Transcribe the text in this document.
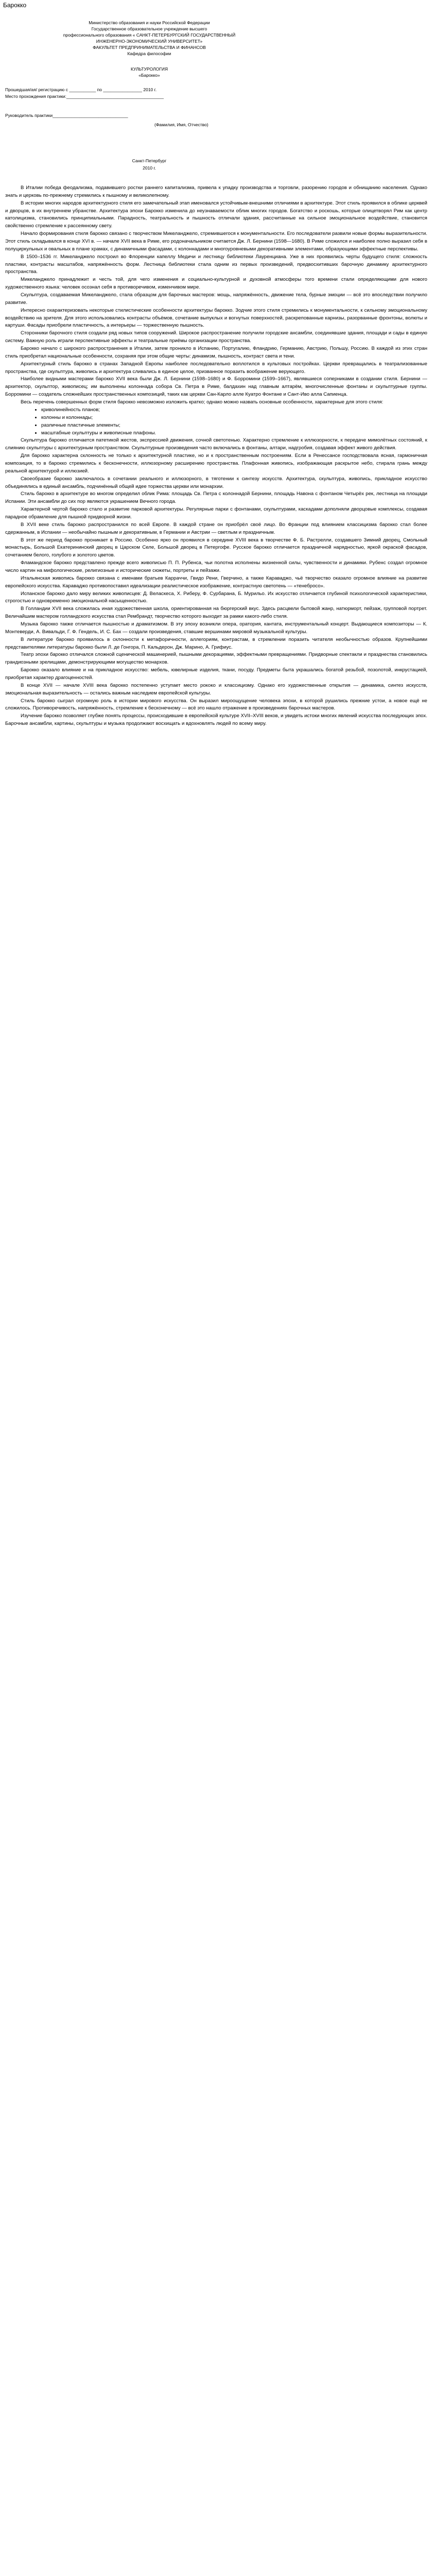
Барокко
Министерство образования и науки Российской Федерации
Государственное образовательное учреждение высшего
профессионального образования « САНКТ-ПЕТЕРБУРГСКИЙ ГОСУДАРСТВЕННЫЙ
ИНЖЕНЕРНО-ЭКОНОМИЧЕСКИЙ УНИВЕРСИТЕТ»
ФАКУЛЬТЕТ ПРЕДПРИНИМАТЕЛЬСТВА И ФИНАНСОВ
Кафедра философии
КУЛЬТУРОЛОГИЯ
«Барокко»
Прошедшая/ая/ регистрацию с ___________ по ________________ 2010 г.
Место прохождения практики:________________________________________
Руководитель практики_______________________________
(Фамилия, Имя, Отчество)
Санкт-Петербург
2010 г.

В Италии победа феодализма, подавившего ростки раннего капитализма, привела к упадку производства и торговли, разорению городов и обнищанию населения. Однако знать и церковь по-прежнему стремились к пышному и великолепному.

В истории многих народов архитектурного стиля его замечательный этап именовался устойчивым-внешними отличиями в архитектуре. Этот стиль проявился в облике церквей и дворцов, в их внутреннем убранстве. Архитектура эпохи Барокко изменила до неузнаваемости облик многих городов. Богатство и роскошь, которые олицетворял Рим как центр католицизма, становились принципиальными. Парадность, театральность и пышность отличали здания, рассчитанные на сильное эмоциональное воздействие, становится свойственно стремление к рассеянному свету.

Начало формирования стиля барокко связано с творчеством Микеланджело, стремившегося к монументальности. Его последователи развили новые формы выразительности. Этот стиль складывался в конце XVI в. — начале XVII века в Риме, его родоначальником считается Дж. Л. Бернини (1598—1680). В Риме сложился и наиболее полно выразил себя в полуциркульных и овальных в плане храмах, с динамичными фасадами, с колоннадами и многоуровневыми декоративными элементами, образующими эффектные перспективы.

В 1500–1536 гг. Микеланджело построил во Флоренции капеллу Медичи и лестницу библиотеки Лауренциана. Уже в них проявились черты будущего стиля: сложность пластики, контрасты масштабов, напряжённость форм. Лестница библиотеки стала одним из первых произведений, предвосхитивших барочную динамику архитектурного пространства.

Микеланджело принадлежит и честь той, для чего изменения и социально-культурной и духовной атмосферы того времени стали определяющими для нового художественного языка: человек осознал себя в противоречивом, изменчивом мире.

Скульптура, создаваемая Микеланджело, стала образцом для барочных мастеров: мощь, напряжённость, движение тела, бурные эмоции — всё это впоследствии получило развитие.

Интересно охарактеризовать некоторые стилистические особенности архитектуры барокко. Зодчие этого стиля стремились к монументальности, к сильному эмоциональному воздействию на зрителя. Для этого использовались контрасты объёмов, сочетание выпуклых и вогнутых поверхностей, раскрепованные карнизы, разорванные фронтоны, волюты и картуши. Фасады приобрели пластичность, а интерьеры — торжественную пышность.

Сторонники барочного стиля создали ряд новых типов сооружений. Широкое распространение получили городские ансамбли, соединявшие здания, площади и сады в единую систему. Важную роль играли перспективные эффекты и театральные приёмы организации пространства.

Барокко начало с широкого распространения в Италии, затем проникло в Испанию, Португалию, Фландрию, Германию, Австрию, Польшу, Россию. В каждой из этих стран стиль приобретал национальные особенности, сохраняя при этом общие черты: динамизм, пышность, контраст света и тени.

Архитектурный стиль барокко в странах Западной Европы наиболее последовательно воплотился в культовых постройках. Церкви превращались в театрализованные пространства, где скульптура, живопись и архитектура сливались в единое целое, призванное поразить воображение верующего.

Наиболее видными мастерами барокко XVII века были Дж. Л. Бернини (1598–1680) и Ф. Борромини (1599–1667), являвшиеся соперниками в создании стиля. Бернини — архитектор, скульптор, живописец; им выполнены колоннада собора Св. Петра в Риме, балдахин над главным алтарём, многочисленные фонтаны и скульптурные группы. Борромини — создатель сложнейших пространственных композиций, таких как церкви Сан-Карло алле Куатро Фонтане и Сант-Иво алла Сапиенца.

Весь перечень совершенных форм стиля барокко невозможно изложить кратко; однако можно назвать основные особенности, характерные для этого стиля:

• криволинейность планов;
• колонны и колоннады;
• различные пластичные элементы;
• масштабные скульптуры и живописные плафоны.

Скульптура барокко отличается патетикой жестов, экспрессией движения, сочной светотенью. Характерно стремление к иллюзорности, к передаче мимолётных состояний, к слиянию скульптуры с архитектурным пространством. Скульптурные произведения часто включались в фонтаны, алтари, надгробия, создавая эффект живого действия.

Для барокко характерна склонность не только к архитектурной пластике, но и к пространственным построениям. Если в Ренессансе господствовала ясная, гармоничная композиция, то в барокко стремились к бесконечности, иллюзорному расширению пространства. Плафонная живопись, изображающая раскрытое небо, стирала грань между реальной архитектурой и иллюзией.

Своеобразие барокко заключалось в сочетании реального и иллюзорного, в тяготении к синтезу искусств. Архитектура, скульптура, живопись, прикладное искусство объединялись в единый ансамбль, подчинённый общей идее торжества церкви или монархии.

Стиль барокко в архитектуре во многом определил облик Рима: площадь Св. Петра с колоннадой Бернини, площадь Навона с фонтаном Четырёх рек, лестница на площади Испании. Эти ансамбли до сих пор являются украшением Вечного города.

Характерной чертой барокко стало и развитие парковой архитектуры. Регулярные парки с фонтанами, скульптурами, каскадами дополняли дворцовые комплексы, создавая парадное обрамление для пышной придворной жизни.

В XVII веке стиль барокко распространился по всей Европе. В каждой стране он приобрёл своё лицо. Во Франции под влиянием классицизма барокко стал более сдержанным, в Испании — необычайно пышным и декоративным, в Германии и Австрии — светлым и праздничным.

В этот же период барокко проникает в Россию. Особенно ярко он проявился в середине XVIII века в творчестве Ф. Б. Растрелли, создавшего Зимний дворец, Смольный монастырь, Большой Екатерининский дворец в Царском Селе, Большой дворец в Петергофе. Русское барокко отличается праздничной нарядностью, яркой окраской фасадов, сочетанием белого, голубого и золотого цветов.

Фламандское барокко представлено прежде всего живописью П. П. Рубенса, чьи полотна исполнены жизненной силы, чувственности и динамики. Рубенс создал огромное число картин на мифологические, религиозные и исторические сюжеты, портреты и пейзажи.

Итальянская живопись барокко связана с именами братьев Карраччи, Гвидо Рени, Гверчино, а также Караваджо, чьё творчество оказало огромное влияние на развитие европейского искусства. Караваджо противопоставил идеализации реалистическое изображение, контрастную светотень — «тенебросо».

Испанское барокко дало миру великих живописцев: Д. Веласкеса, Х. Риберу, Ф. Сурбарана, Б. Мурильо. Их искусство отличается глубиной психологической характеристики, строгостью и одновременно эмоциональной насыщенностью.

В Голландии XVII века сложилась иная художественная школа, ориентированная на бюргерский вкус. Здесь расцвели бытовой жанр, натюрморт, пейзаж, групповой портрет. Величайшим мастером голландского искусства стал Рембрандт, творчество которого выходит за рамки какого-либо стиля.

Музыка барокко также отличается пышностью и драматизмом. В эту эпоху возникли опера, оратория, кантата, инструментальный концерт. Выдающиеся композиторы — К. Монтеверди, А. Вивальди, Г. Ф. Гендель, И. С. Бах — создали произведения, ставшие вершинами мировой музыкальной культуры.

В литературе барокко проявилось в склонности к метафоричности, аллегориям, контрастам, в стремлении поразить читателя необычностью образов. Крупнейшими представителями литературы барокко были Л. де Гонгора, П. Кальдерон, Дж. Марино, А. Грифиус.

Театр эпохи барокко отличался сложной сценической машинерией, пышными декорациями, эффектными превращениями. Придворные спектакли и празднества становились грандиозными зрелищами, демонстрирующими могущество монархов.

Барокко оказало влияние и на прикладное искусство: мебель, ювелирные изделия, ткани, посуду. Предметы быта украшались богатой резьбой, позолотой, инкрустацией, приобретая характер драгоценностей.

В конце XVII — начале XVIII века барокко постепенно уступает место рококо и классицизму. Однако его художественные открытия — динамика, синтез искусств, эмоциональная выразительность — остались важным наследием европейской культуры.

Стиль барокко сыграл огромную роль в истории мирового искусства. Он выразил мироощущение человека эпохи, в которой рушились прежние устои, а новое ещё не сложилось. Противоречивость, напряжённость, стремление к бесконечному — всё это нашло отражение в произведениях барочных мастеров.

Изучение барокко позволяет глубже понять процессы, происходившие в европейской культуре XVII–XVIII веков, и увидеть истоки многих явлений искусства последующих эпох. Барочные ансамбли, картины, скульптуры и музыка продолжают восхищать и вдохновлять людей по всему миру.
